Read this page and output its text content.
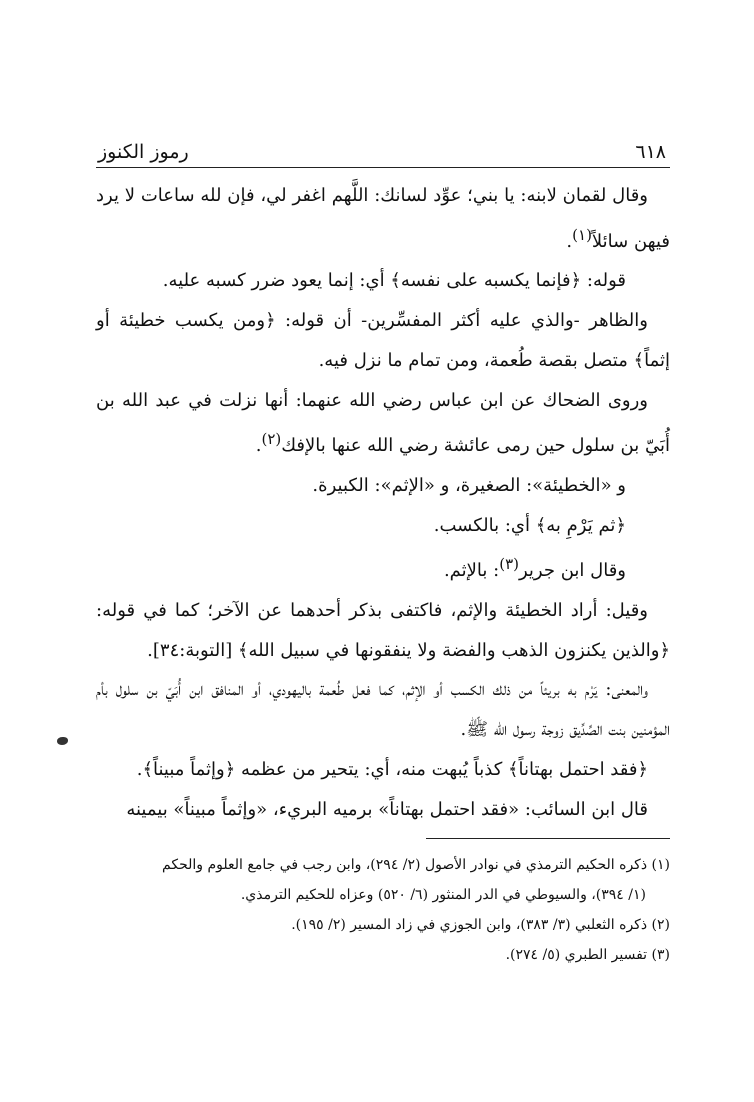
٦١٨
رموز الكنوز

وقال لقمان لابنه: يا بني؛ عوِّد لسانك: اللَّهم اغفر لي، فإن لله ساعات لا يرد فيهن سائلاً$^{(١)}$.

قوله: ﴿فإنما يكسبه على نفسه﴾ أي: إنما يعود ضرر كسبه عليه.

والظاهر -والذي عليه أكثر المفسِّرين- أن قوله: ﴿ومن يكسب خطيئة أو إثماً﴾ متصل بقصة طُعمة، ومن تمام ما نزل فيه.

وروى الضحاك عن ابن عباس رضي الله عنهما: أنها نزلت في عبد الله بن أُبَيّ بن سلول حين رمى عائشة رضي الله عنها بالإفك$^{(٢)}$.

و «الخطيئة»: الصغيرة، و «الإثم»: الكبيرة.

﴿ثم يَرْمِ به﴾ أي: بالكسب.

وقال ابن جرير$^{(٣)}$: بالإثم.

وقيل: أراد الخطيئة والإثم، فاكتفى بذكر أحدهما عن الآخر؛ كما في قوله: ﴿والذين يكنزون الذهب والفضة ولا ينفقونها في سبيل الله﴾ [التوبة:٣٤].

والمعنى: يَرْم به بريئاً من ذلك الكسب أو الإثم، كما فعل طُعمة باليهودي، أو المنافق ابن أُبَيّ بن سلول بأم المؤمنين بنت الصِّدِّيق زوجة رسول الله ﷺ.

﴿فقد احتمل بهتاناً﴾ كذباً يُبهت منه، أي: يتحير من عظمه ﴿وإثماً مبيناً﴾.

قال ابن السائب: «فقد احتمل بهتاناً» برميه البريء، «وإثماً مبيناً» بيمينه

(١) ذكره الحكيم الترمذي في نوادر الأصول (٢/ ٢٩٤)، وابن رجب في جامع العلوم والحكم

(١/ ٣٩٤)، والسيوطي في الدر المنثور (٦/ ٥٢٠) وعزاه للحكيم الترمذي.

(٢) ذكره الثعلبي (٣/ ٣٨٣)، وابن الجوزي في زاد المسير (٢/ ١٩٥).

(٣) تفسير الطبري (٥/ ٢٧٤).
